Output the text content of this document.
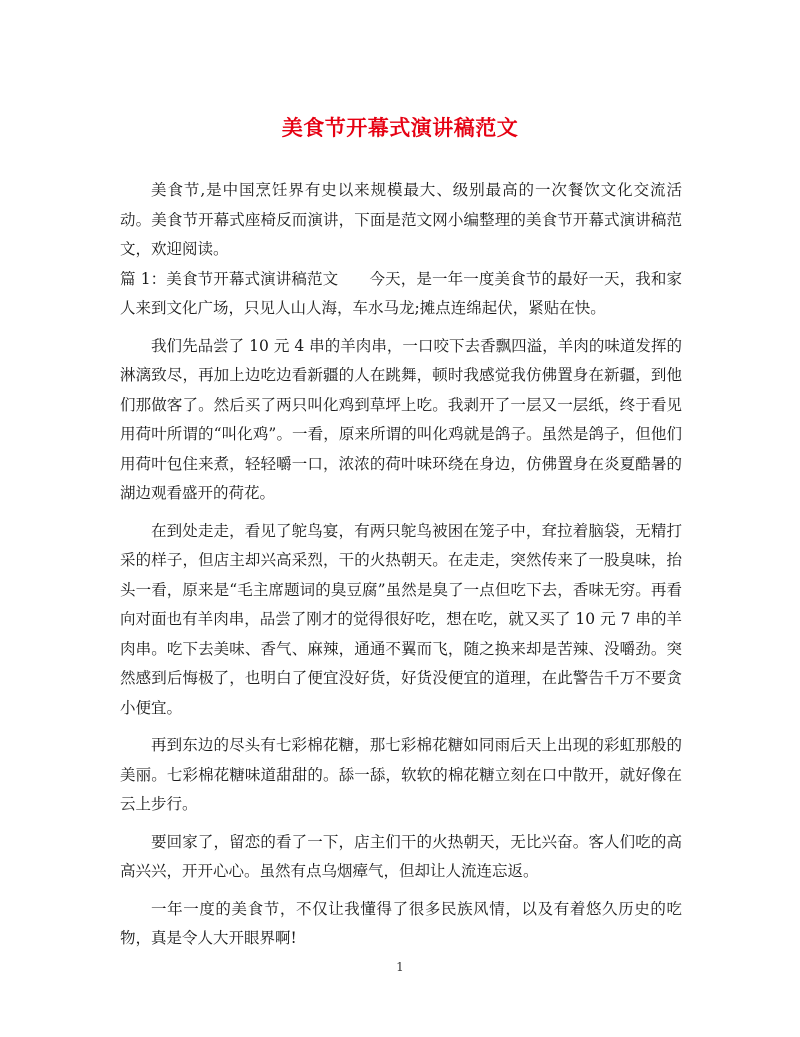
美食节开幕式演讲稿范文

美食节,是中国烹饪界有史以来规模最大、级别最高的一次餐饮文化交流活动。美食节开幕式座椅反而演讲，下面是范文网小编整理的美食节开幕式演讲稿范文，欢迎阅读。

篇 1：美食节开幕式演讲稿范文　　今天，是一年一度美食节的最好一天，我和家人来到文化广场，只见人山人海，车水马龙;摊点连绵起伏，紧贴在快。

我们先品尝了 10 元 4 串的羊肉串，一口咬下去香飘四溢，羊肉的味道发挥的淋漓致尽，再加上边吃边看新疆的人在跳舞，顿时我感觉我仿佛置身在新疆，到他们那做客了。然后买了两只叫化鸡到草坪上吃。我剥开了一层又一层纸，终于看见用荷叶所谓的“叫化鸡”。一看，原来所谓的叫化鸡就是鸽子。虽然是鸽子，但他们用荷叶包住来煮，轻轻嚼一口，浓浓的荷叶味环绕在身边，仿佛置身在炎夏酷暑的湖边观看盛开的荷花。

在到处走走，看见了鸵鸟宴，有两只鸵鸟被困在笼子中，耷拉着脑袋，无精打采的样子，但店主却兴高采烈，干的火热朝天。在走走，突然传来了一股臭味，抬头一看，原来是“毛主席题词的臭豆腐”虽然是臭了一点但吃下去，香味无穷。再看向对面也有羊肉串，品尝了刚才的觉得很好吃，想在吃，就又买了 10 元 7 串的羊肉串。吃下去美味、香气、麻辣，通通不翼而飞，随之换来却是苦辣、没嚼劲。突然感到后悔极了，也明白了便宜没好货，好货没便宜的道理，在此警告千万不要贪小便宜。

再到东边的尽头有七彩棉花糖，那七彩棉花糖如同雨后天上出现的彩虹那般的美丽。七彩棉花糖味道甜甜的。舔一舔，软软的棉花糖立刻在口中散开，就好像在云上步行。

要回家了，留恋的看了一下，店主们干的火热朝天，无比兴奋。客人们吃的高高兴兴，开开心心。虽然有点乌烟瘴气，但却让人流连忘返。

一年一度的美食节，不仅让我懂得了很多民族风情，以及有着悠久历史的吃物，真是令人大开眼界啊!

1
